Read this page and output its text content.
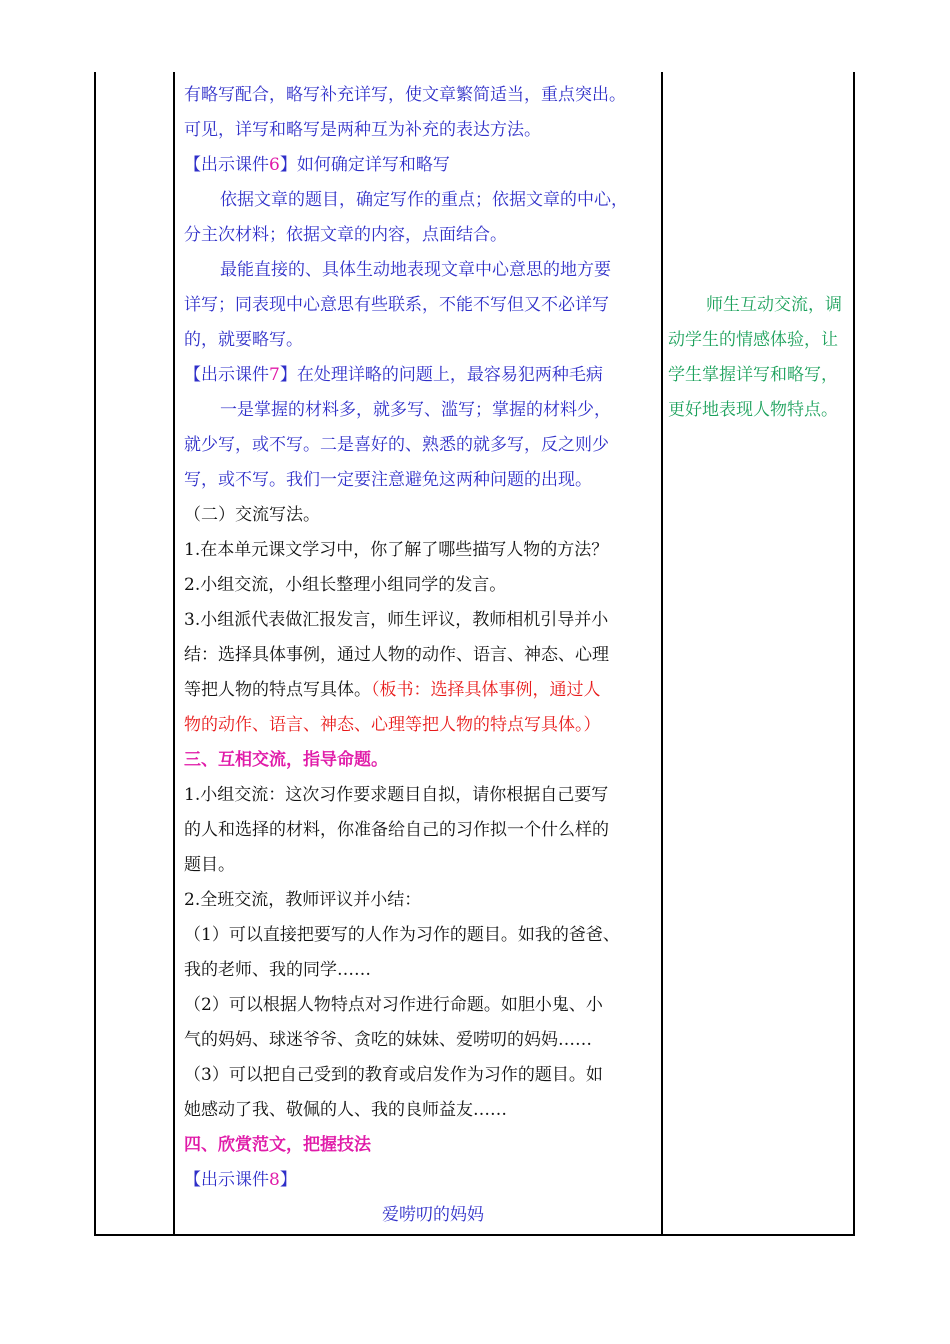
有略写配合，略写补充详写，使文章繁简适当，重点突出。
可见，详写和略写是两种互为补充的表达方法。
【出示课件6】如何确定详写和略写
依据文章的题目，确定写作的重点；依据文章的中心，
分主次材料；依据文章的内容，点面结合。
最能直接的、具体生动地表现文章中心意思的地方要
详写；同表现中心意思有些联系，不能不写但又不必详写
的，就要略写。
【出示课件7】在处理详略的问题上，最容易犯两种毛病
一是掌握的材料多，就多写、滥写；掌握的材料少，
就少写，或不写。二是喜好的、熟悉的就多写，反之则少
写，或不写。我们一定要注意避免这两种问题的出现。
（二）交流写法。
1.在本单元课文学习中，你了解了哪些描写人物的方法？
2.小组交流，小组长整理小组同学的发言。
3.小组派代表做汇报发言，师生评议，教师相机引导并小
结：选择具体事例，通过人物的动作、语言、神态、心理
等把人物的特点写具体。（板书：选择具体事例，通过人
物的动作、语言、神态、心理等把人物的特点写具体。）
三、互相交流，指导命题。
1.小组交流：这次习作要求题目自拟，请你根据自己要写
的人和选择的材料，你准备给自己的习作拟一个什么样的
题目。
2.全班交流，教师评议并小结：
（1）可以直接把要写的人作为习作的题目。如我的爸爸、
我的老师、我的同学……
（2）可以根据人物特点对习作进行命题。如胆小鬼、小
气的妈妈、球迷爷爷、贪吃的妹妹、爱唠叨的妈妈……
（3）可以把自己受到的教育或启发作为习作的题目。如
她感动了我、敬佩的人、我的良师益友……
四、欣赏范文，把握技法
【出示课件8】
爱唠叨的妈妈
师生互动交流，调
动学生的情感体验，让
学生掌握详写和略写，
更好地表现人物特点。
